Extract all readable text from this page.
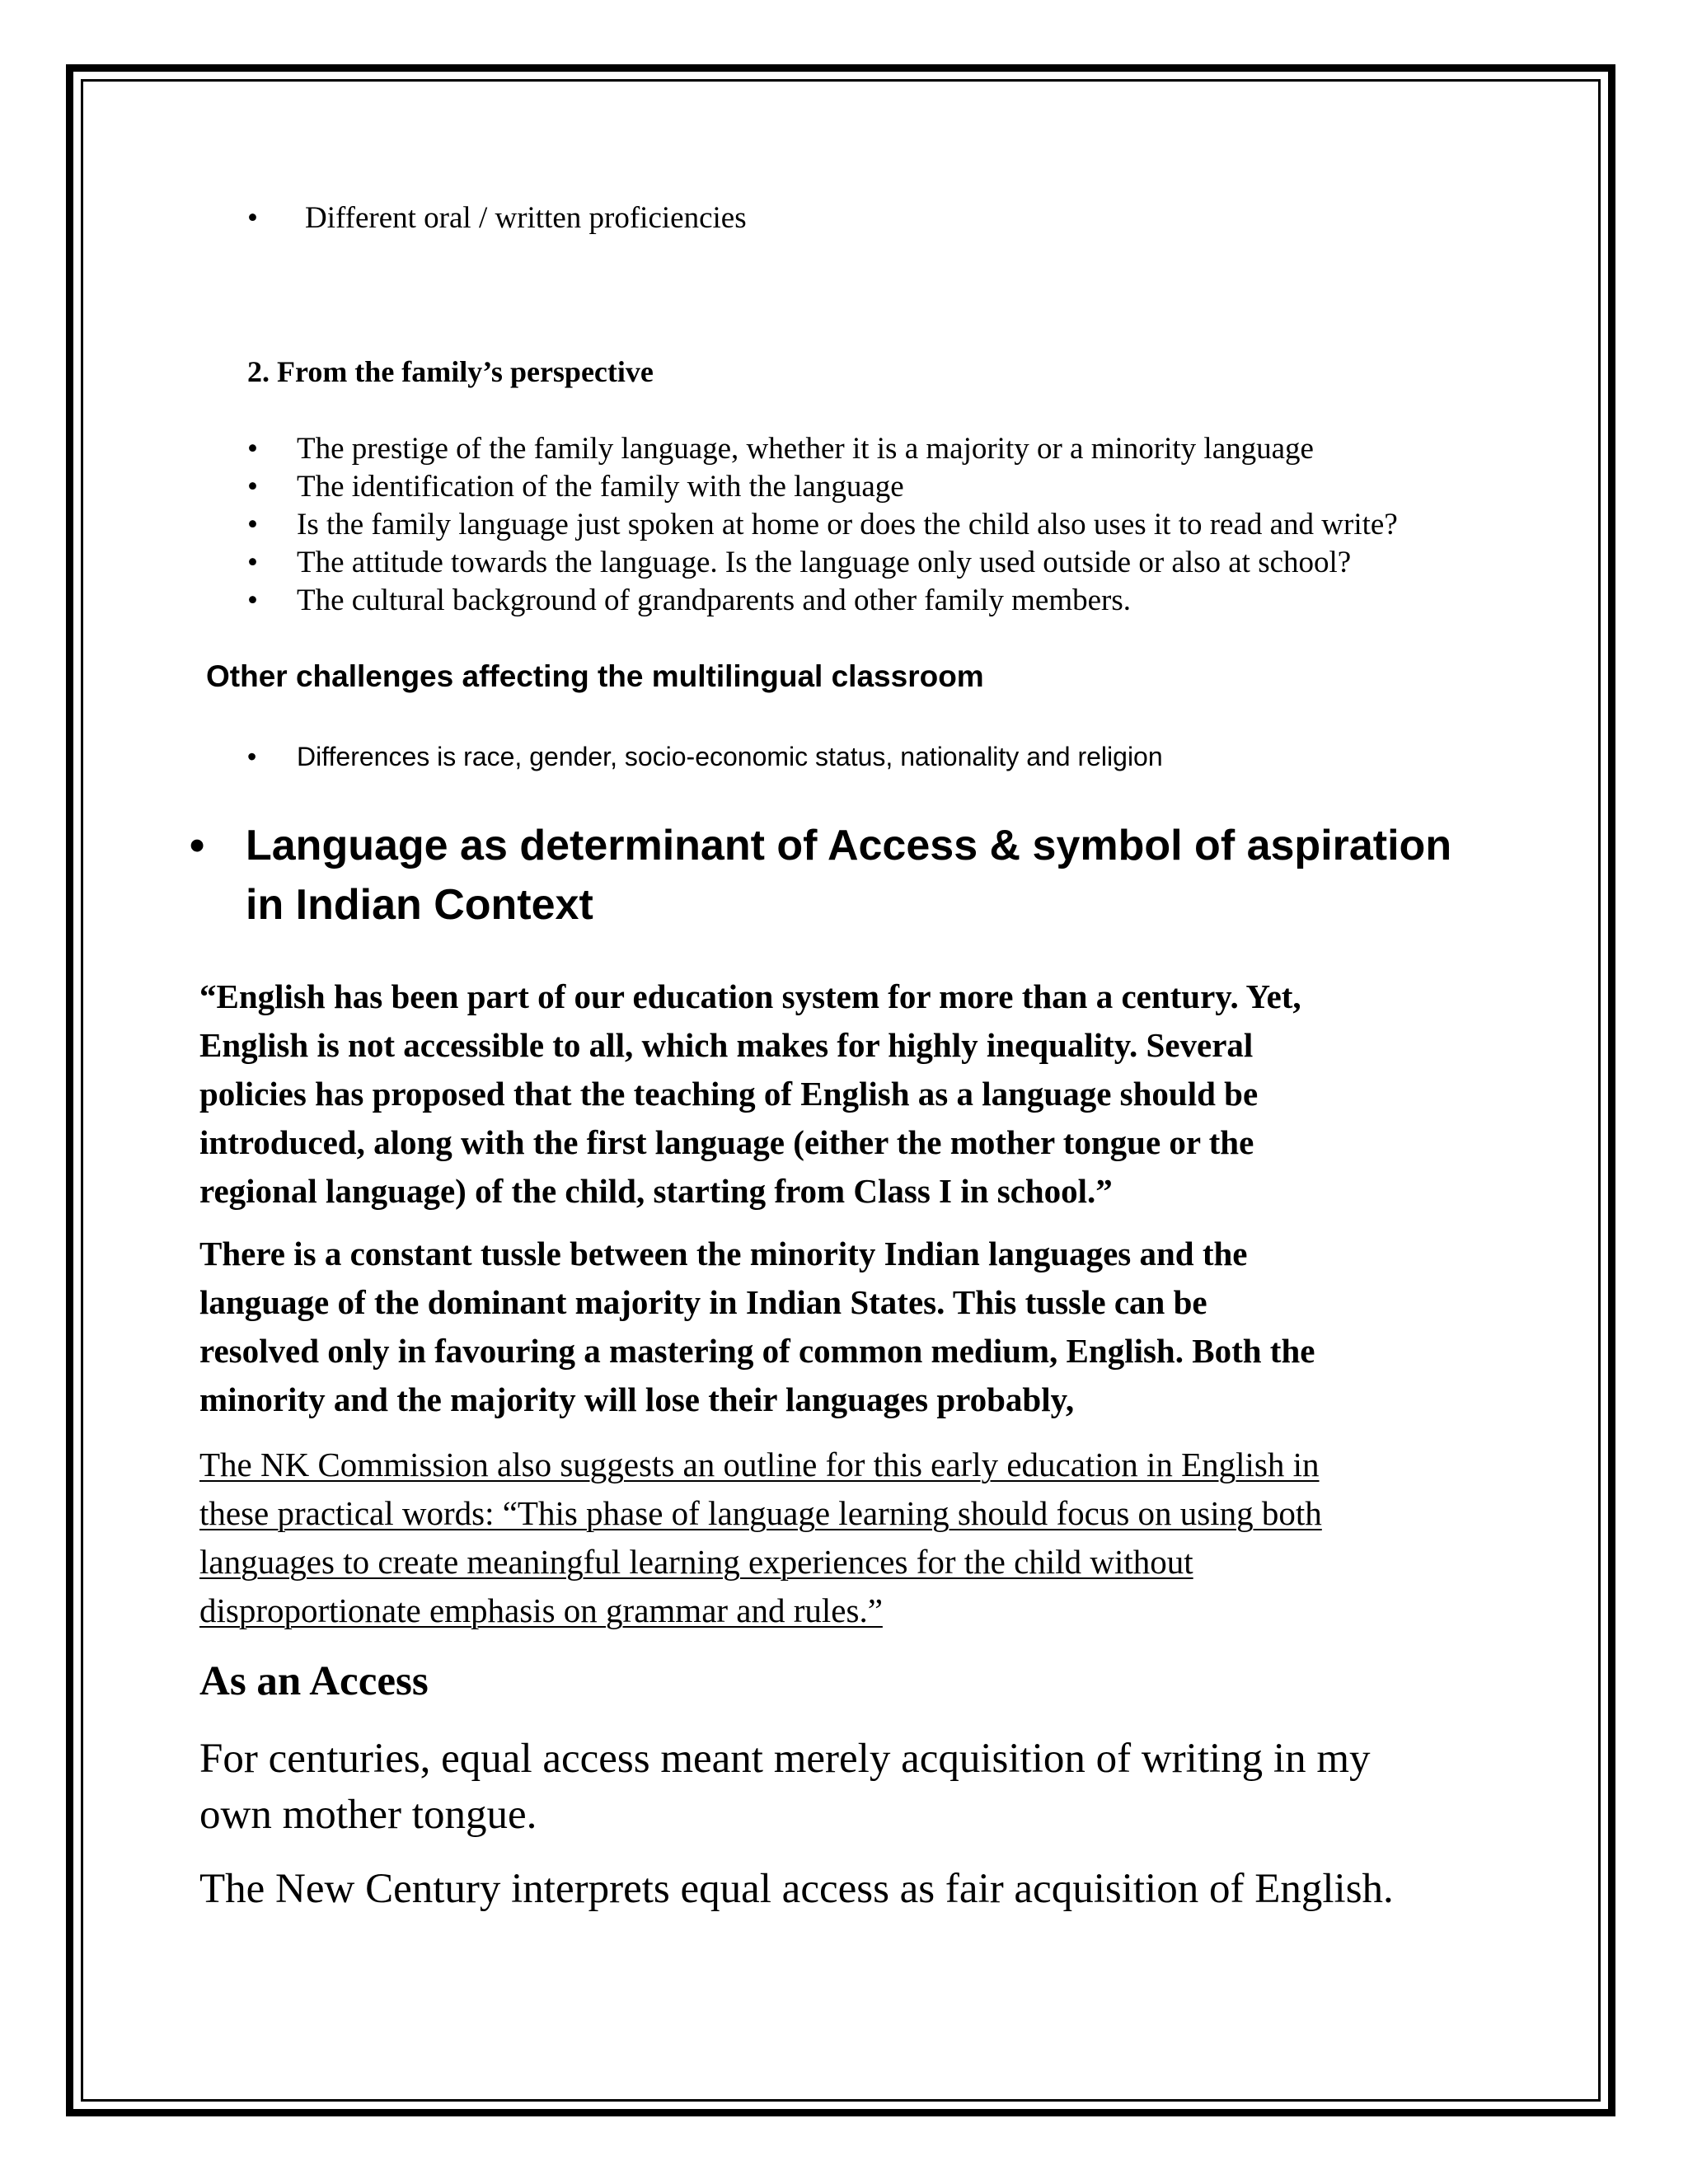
•	Different oral / written proficiencies

2. From the family’s perspective

•	The prestige of the family language, whether it is a majority or a minority language
•	The identification of the family with the language
•	Is the family language just spoken at home or does the child also uses it to read and write?
•	The attitude towards the language. Is the language only used outside or also at school?
•	The cultural background of grandparents and other family members.

Other challenges affecting the multilingual classroom

•	Differences is race, gender, socio-economic status, nationality and religion
• Language as determinant of Access & symbol of aspiration
in Indian Context
“English has been part of our education system for more than a century. Yet,
English is not accessible to all, which makes for highly inequality. Several
policies has proposed that the teaching of English as a language should be
introduced, along with the first language (either the mother tongue or the
regional language) of the child, starting from Class I in school.”
There is a constant tussle between the minority Indian languages and the
language of the dominant majority in Indian States. This tussle can be
resolved only in favouring a mastering of common medium, English. Both the
minority and the majority will lose their languages probably,
The NK Commission also suggests an outline for this early education in English in
these practical words: “This phase of language learning should focus on using both
languages to create meaningful learning experiences for the child without
disproportionate emphasis on grammar and rules.”

As an Access

For centuries, equal access meant merely acquisition of writing in my
own mother tongue.

The New Century interprets equal access as fair acquisition of English.
